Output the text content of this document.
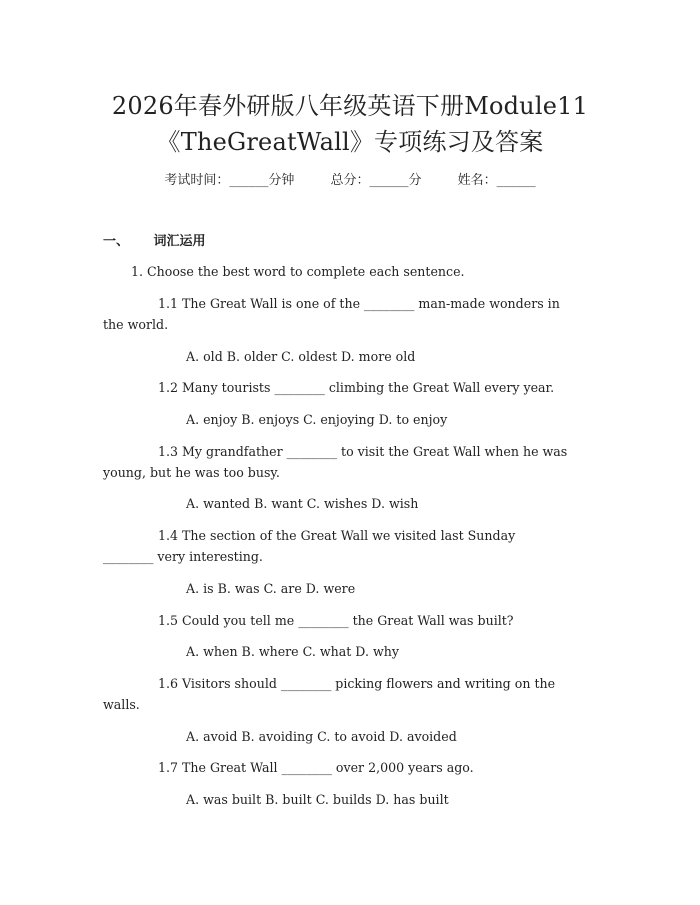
2026年春外研版八年级英语下册Module11
《TheGreatWall》专项练习及答案
考试时间：______分钟	总分：______分	姓名：______
一、 词汇运用
1. Choose the best word to complete each sentence.
1.1 The Great Wall is one of the ________ man-made wonders in
the world.
A. old B. older C. oldest D. more old
1.2 Many tourists ________ climbing the Great Wall every year.
A. enjoy B. enjoys C. enjoying D. to enjoy
1.3 My grandfather ________ to visit the Great Wall when he was
young, but he was too busy.
A. wanted B. want C. wishes D. wish
1.4 The section of the Great Wall we visited last Sunday
________ very interesting.
A. is B. was C. are D. were
1.5 Could you tell me ________ the Great Wall was built?
A. when B. where C. what D. why
1.6 Visitors should ________ picking flowers and writing on the
walls.
A. avoid B. avoiding C. to avoid D. avoided
1.7 The Great Wall ________ over 2,000 years ago.
A. was built B. built C. builds D. has built
